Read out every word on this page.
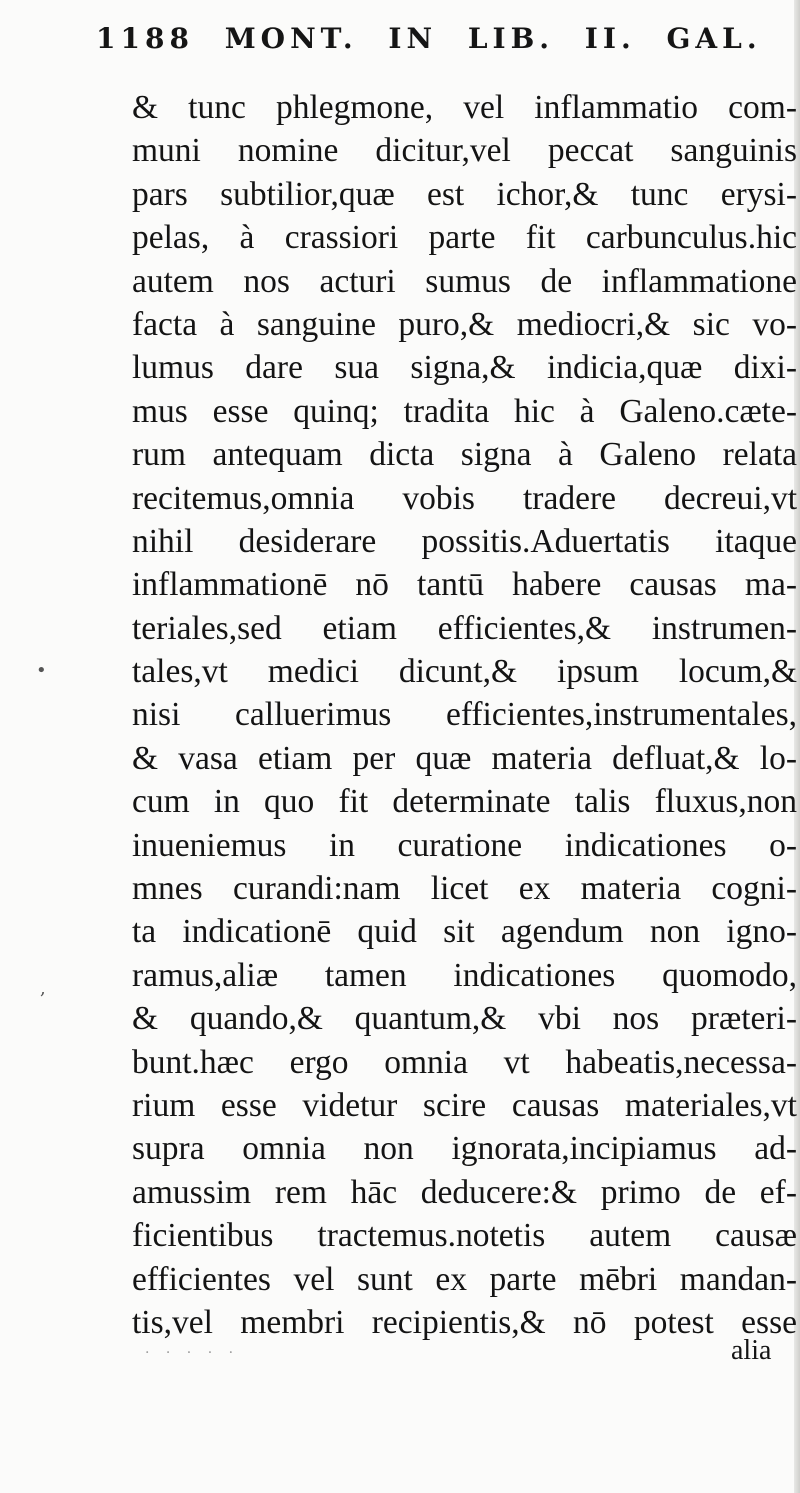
1188 MONT. IN LIB. II. GAL.
& tunc phlegmone, vel inflammatio com-
muni nomine dicitur,vel peccat sanguinis
pars subtilior,quæ est ichor,& tunc erysi-
pelas, à crassiori parte fit carbunculus.hic
autem nos acturi sumus de inflammatione
facta à sanguine puro,& mediocri,& sic vo-
lumus dare sua signa,& indicia,quæ dixi-
mus esse quinq; tradita hic à Galeno.cæte-
rum antequam dicta signa à Galeno relata
recitemus,omnia vobis tradere decreui,vt
nihil desiderare possitis.Aduertatis itaque
inflammationē nō tantū habere causas ma-
teriales,sed etiam efficientes,& instrumen-
tales,vt medici dicunt,& ipsum locum,&
nisi calluerimus efficientes,instrumentales,
& vasa etiam per quæ materia defluat,& lo-
cum in quo fit determinate talis fluxus,non
inueniemus in curatione indicationes o-
mnes curandi:nam licet ex materia cogni-
ta indicationē quid sit agendum non igno-
ramus,aliæ tamen indicationes quomodo,
& quando,& quantum,& vbi nos præteri-
bunt.hæc ergo omnia vt habeatis,necessa-
rium esse videtur scire causas materiales,vt
supra omnia non ignorata,incipiamus ad-
amussim rem hāc deducere:& primo de ef-
ficientibus tractemus.notetis autem causæ
efficientes vel sunt ex parte mēbri mandan-
tis,vel membri recipientis,& nō potest esse
•
,
· · · · ·	alia
